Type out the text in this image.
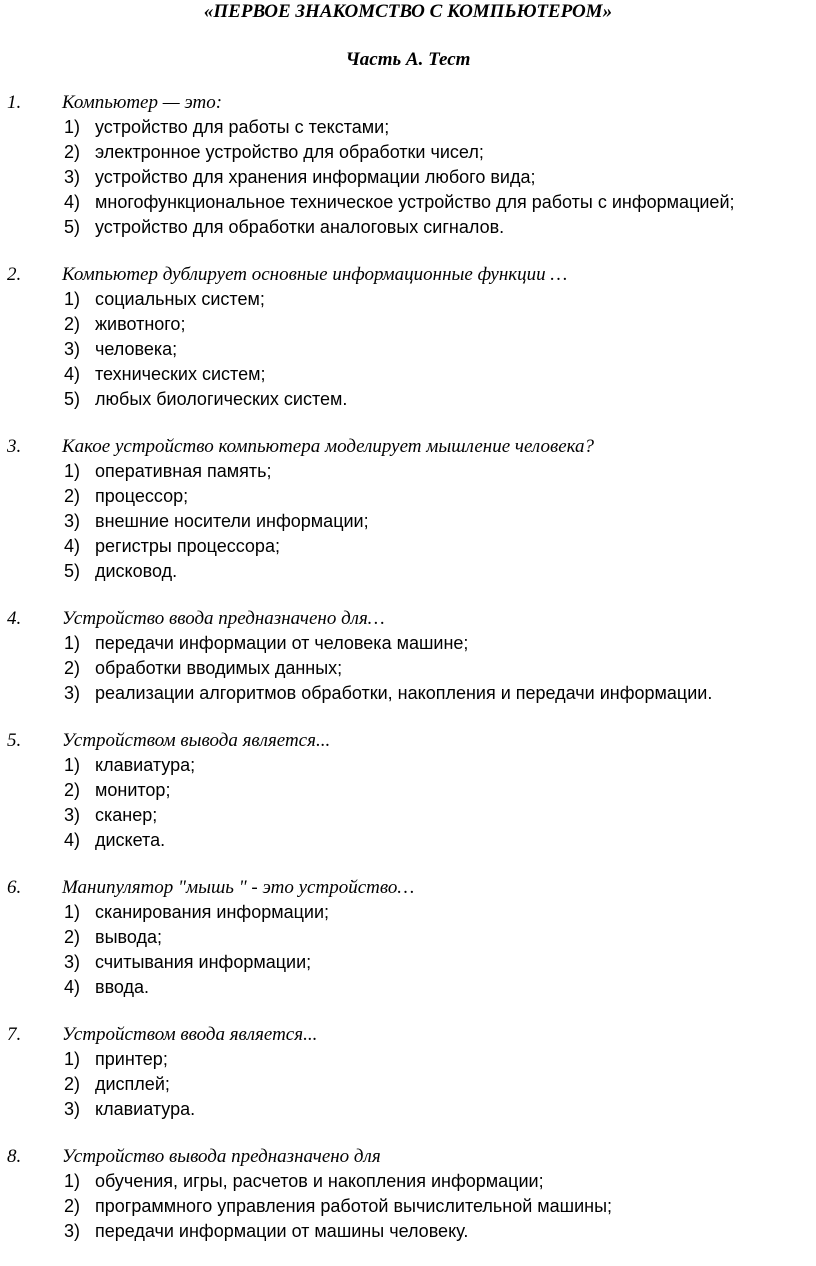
«ПЕРВОЕ ЗНАКОМСТВО С КОМПЬЮТЕРОМ»
Часть А. Тест
1. Компьютер — это:
1) устройство для работы с текстами;
2) электронное устройство для обработки чисел;
3) устройство для хранения информации любого вида;
4) многофункциональное техническое устройство для работы с информацией;
5) устройство для обработки аналоговых сигналов.
2. Компьютер дублирует основные информационные функции …
1) социальных систем;
2) животного;
3) человека;
4) технических систем;
5) любых биологических систем.
3. Какое устройство компьютера моделирует мышление человека?
1) оперативная память;
2) процессор;
3) внешние носители информации;
4) регистры процессора;
5) дисковод.
4. Устройство ввода предназначено для…
1) передачи информации от человека машине;
2) обработки вводимых данных;
3) реализации алгоритмов обработки, накопления и передачи информации.
5. Устройством вывода является...
1) клавиатура;
2) монитор;
3) сканер;
4) дискета.
6. Манипулятор "мышь " - это устройство…
1) сканирования информации;
2) вывода;
3) считывания информации;
4) ввода.
7. Устройством ввода является...
1) принтер;
2) дисплей;
3) клавиатура.
8. Устройство вывода предназначено для
1) обучения, игры, расчетов и накопления информации;
2) программного управления работой вычислительной машины;
3) передачи информации от машины человеку.
